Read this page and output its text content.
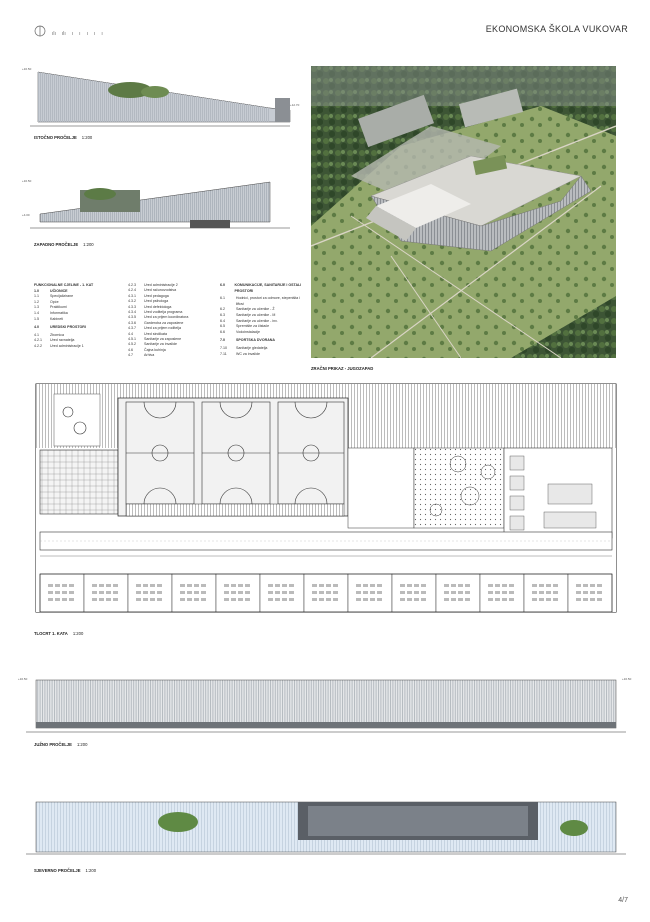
ılı ılı ı ı ı ı ı	EKONOMSKA ŠKOLA VUKOVAR
+16.50
+12.70
ISTOČNO PROČELJE 1:200
+16.50
+4.00
ZAPADNO PROČELJE 1:200
FUNKCIONALNE CJELINE - 1. KAT
1.0	UČIONICE
1.1	Specijalizirane
1.2	Opće
1.3	Praktikumi
1.4	Informatika
1.5	Kabineti
4.0	UREDSKI PROSTORI
4.1	Zbornica
4.2.1	Ured ravnatelja
4.2.2	Ured administracije 1
4.2.3	Ured administracije 2
4.2.4	Ured računovodstva
4.3.1	Ured pedagoga
4.3.2	Ured psihologa
4.3.3	Ured defektologa
4.3.4	Ured voditelja programa
4.3.5	Ured za prijem koordinatora
4.3.6	Garderoba za zaposlene
4.3.7	Ured za prijem roditelja
4.4	Ured sindikata
4.5.1	Sanitarije za zaposlene
4.5.2	Sanitarije za invalide
4.6	Čajna kuhinja
4.7	Arhiva
6.0	KOMUNIKACIJE, SANITARIJE I OSTALI PROSTORI
6.1	Hodnici, prostori za odmore, stepeništa i liftovi
6.2	Sanitarije za učenike - Ž
6.3	Sanitarije za učenike - M
6.4	Sanitarije za učenike - inv.
6.5	Spremište za čistače
6.6	Vodoinstalacije
7.0	SPORTSKA DVORANA
7.10	Sanitarije gledatelja
7.11	WC za invalide
ZRAČNI PRIKAZ - JUGOZAPAD
TLOCRT 1. KATA 1:200
+16.50	+16.50
JUŽNO PROČELJE 1:200
SJEVERNO PROČELJE 1:200
4/7
